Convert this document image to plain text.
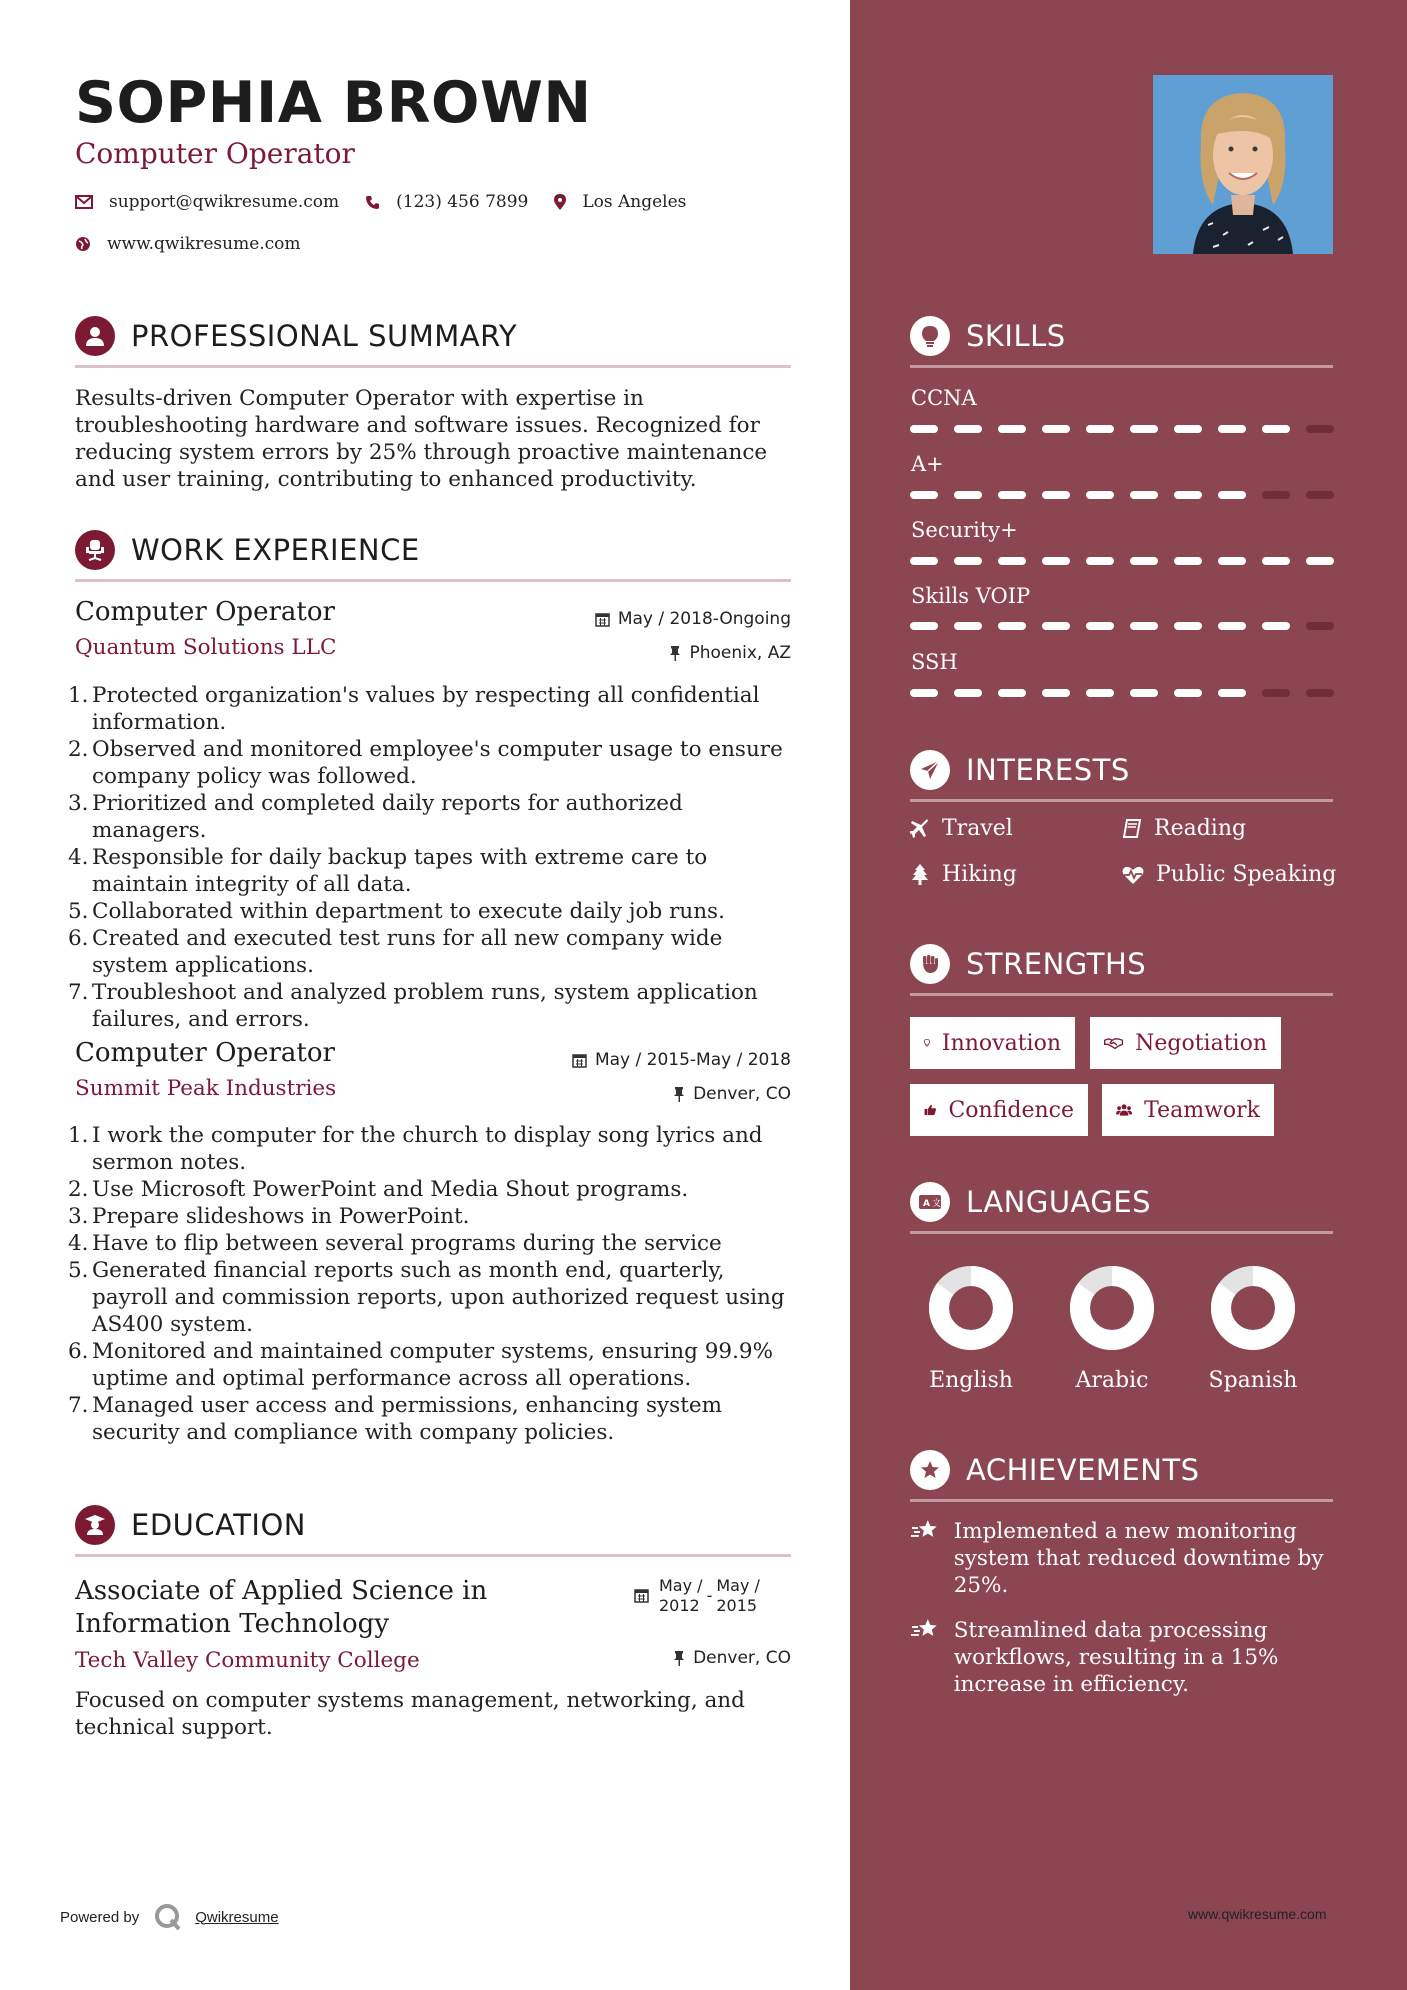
SOPHIA BROWN
Computer Operator
support@qwikresume.com	(123) 456 7899	Los Angeles
www.qwikresume.com
PROFESSIONAL SUMMARY
Results-driven Computer Operator with expertise in troubleshooting hardware and software issues. Recognized for reducing system errors by 25% through proactive maintenance and user training, contributing to enhanced productivity.
WORK EXPERIENCE
Computer Operator
Quantum Solutions LLC
May / 2018-Ongoing
Phoenix, AZ
1. Protected organization's values by respecting all confidential information.
2. Observed and monitored employee's computer usage to ensure company policy was followed.
3. Prioritized and completed daily reports for authorized managers.
4. Responsible for daily backup tapes with extreme care to maintain integrity of all data.
5. Collaborated within department to execute daily job runs.
6. Created and executed test runs for all new company wide system applications.
7. Troubleshoot and analyzed problem runs, system application failures, and errors.
Computer Operator
Summit Peak Industries
May / 2015-May / 2018
Denver, CO
1. I work the computer for the church to display song lyrics and sermon notes.
2. Use Microsoft PowerPoint and Media Shout programs.
3. Prepare slideshows in PowerPoint.
4. Have to flip between several programs during the service
5. Generated financial reports such as month end, quarterly, payroll and commission reports, upon authorized request using AS400 system.
6. Monitored and maintained computer systems, ensuring 99.9% uptime and optimal performance across all operations.
7. Managed user access and permissions, enhancing system security and compliance with company policies.
EDUCATION
Associate of Applied Science in
Information Technology
Tech Valley Community College
May /
2012
-
May /
2015
Denver, CO
Focused on computer systems management, networking, and technical support.
Powered by	Qwikresume
SKILLS
CCNA
A+
Security+
Skills VOIP
SSH
INTERESTS
Travel	Reading
Hiking	Public Speaking
STRENGTHS
Innovation	Negotiation
Confidence	Teamwork
A 文 LANGUAGES
English	Arabic	Spanish
ACHIEVEMENTS
Implemented a new monitoring system that reduced downtime by 25%.
Streamlined data processing workflows, resulting in a 15% increase in efficiency.
www.qwikresume.com
